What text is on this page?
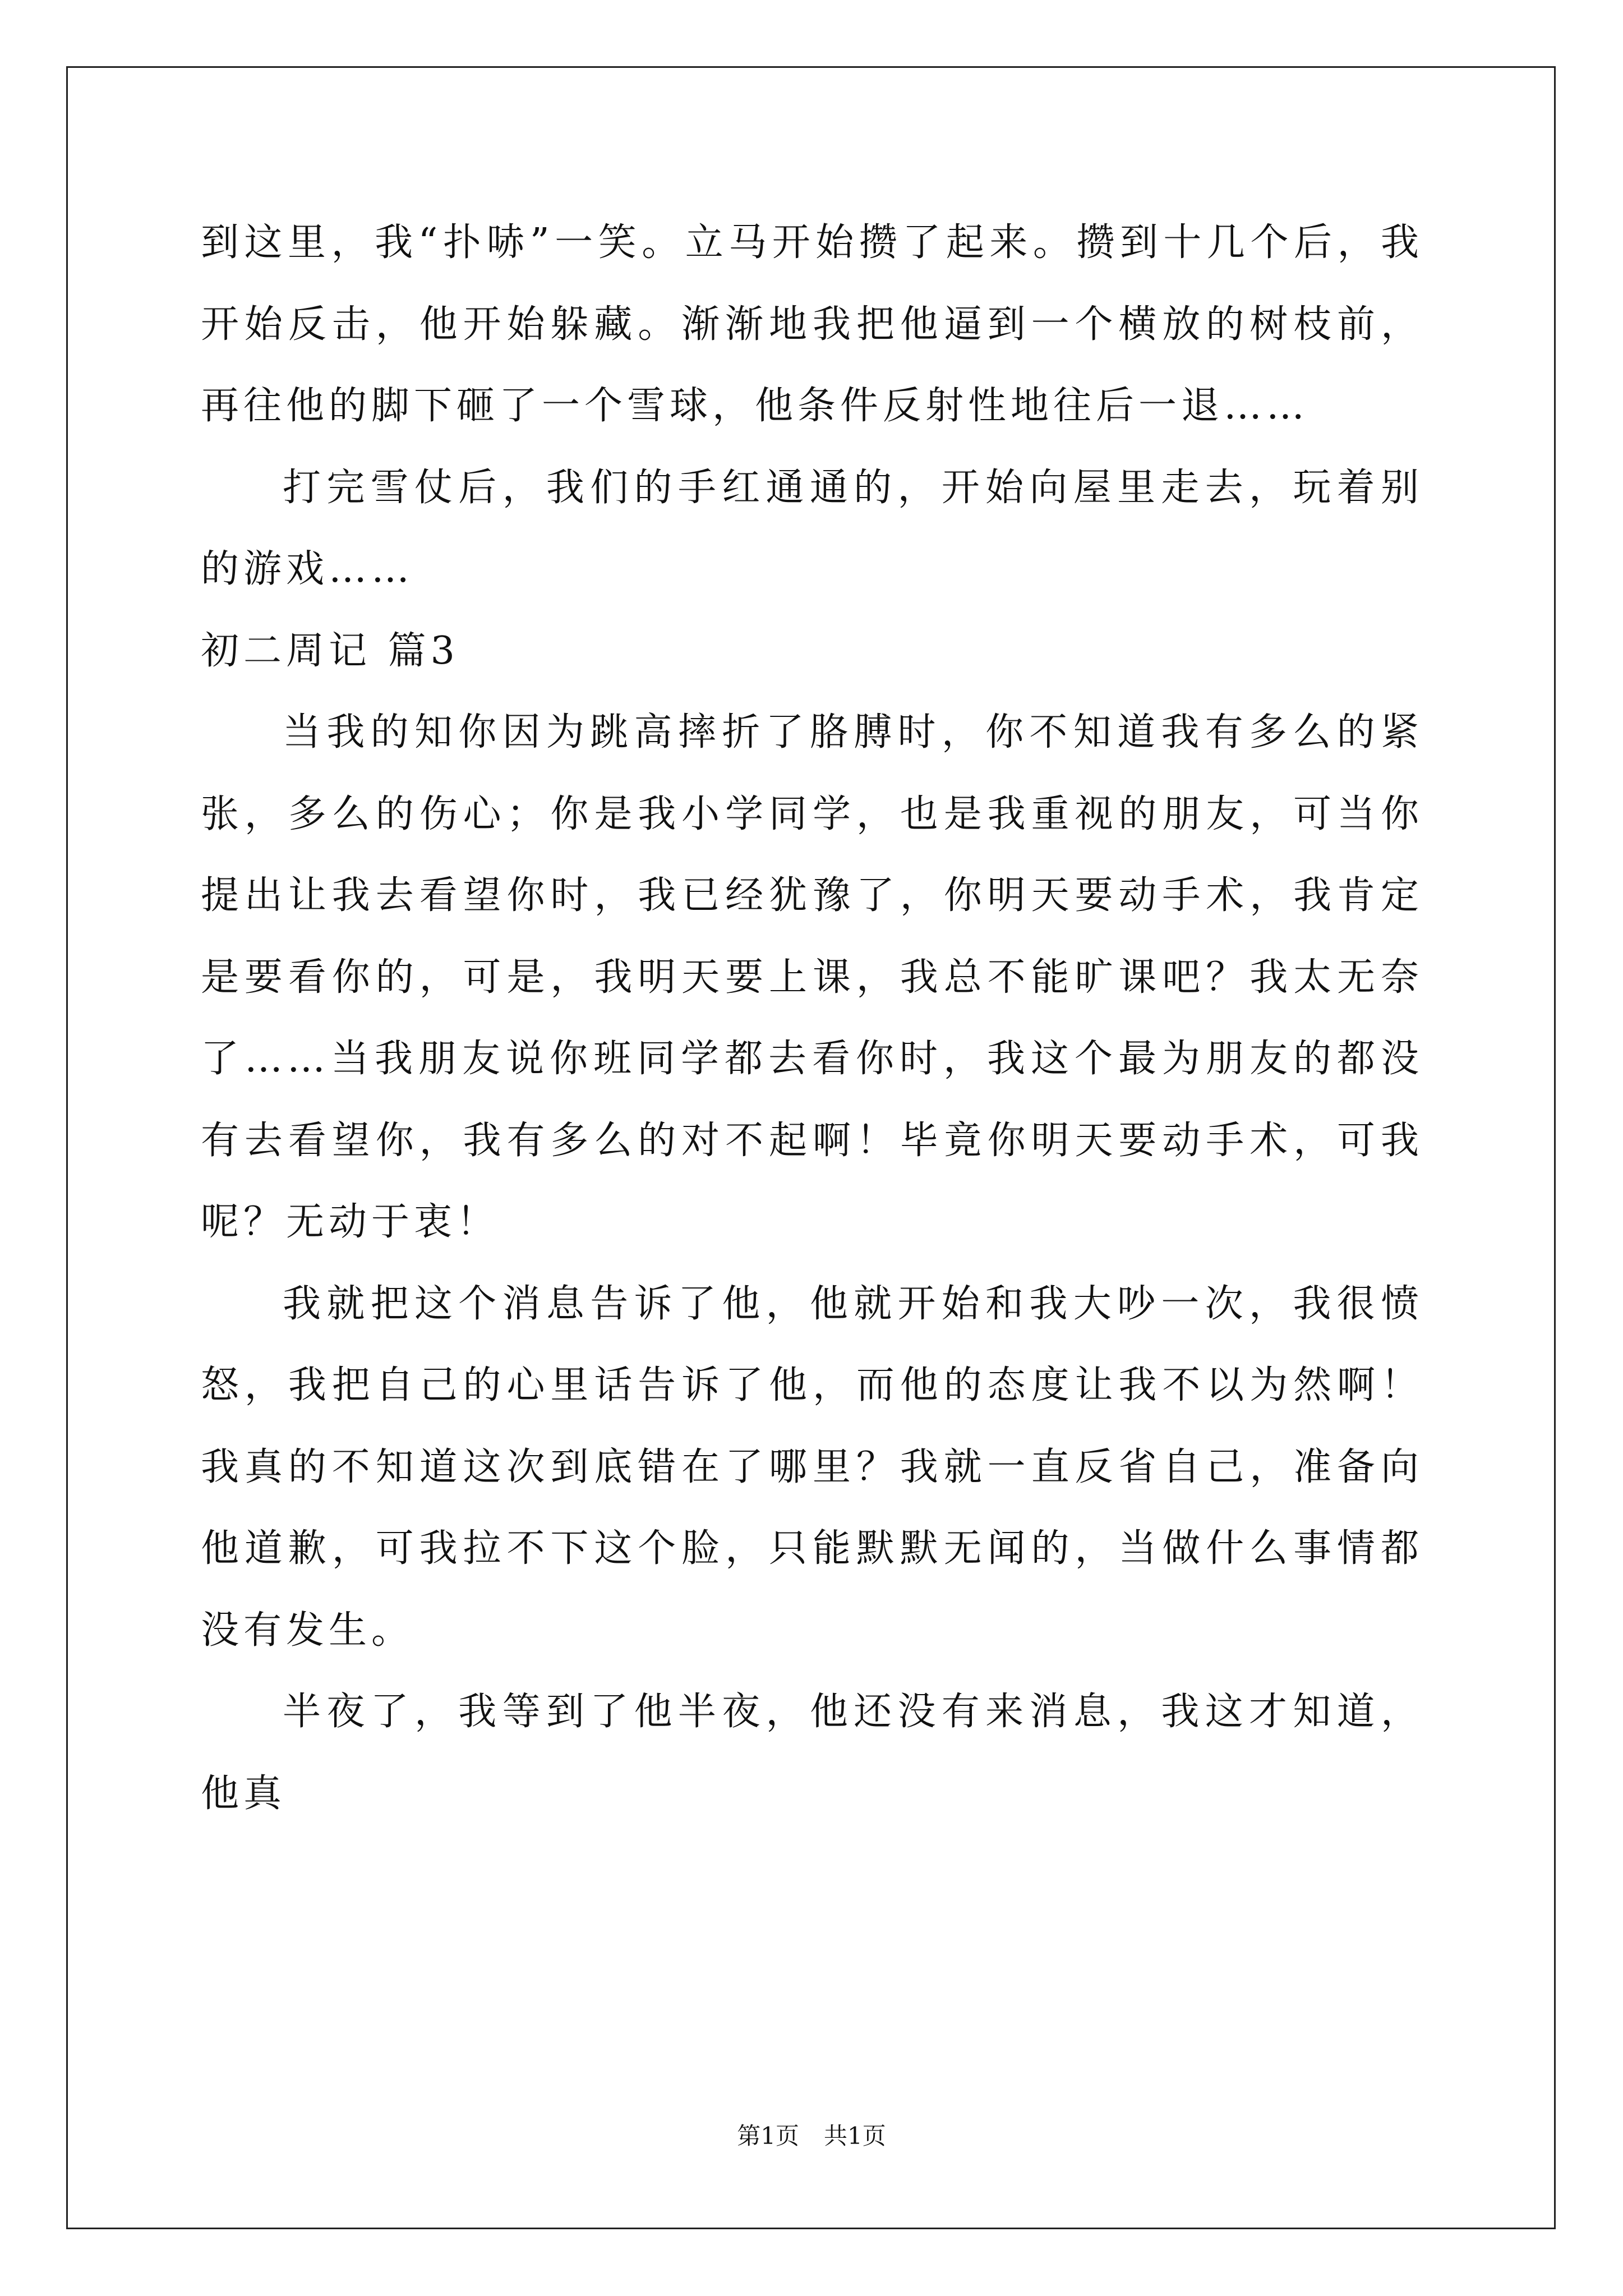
到这里，我“扑哧”一笑。立马开始攒了起来。攒到十几个后，我开始反击，他开始躲藏。渐渐地我把他逼到一个横放的树枝前，再往他的脚下砸了一个雪球，他条件反射性地往后一退……

打完雪仗后，我们的手红通通的，开始向屋里走去，玩着别的游戏……

初二周记 篇3

当我的知你因为跳高摔折了胳膊时，你不知道我有多么的紧张，多么的伤心；你是我小学同学，也是我重视的朋友，可当你提出让我去看望你时，我已经犹豫了，你明天要动手术，我肯定是要看你的，可是，我明天要上课，我总不能旷课吧？我太无奈了……当我朋友说你班同学都去看你时，我这个最为朋友的都没有去看望你，我有多么的对不起啊！毕竟你明天要动手术，可我呢？无动于衷！

我就把这个消息告诉了他，他就开始和我大吵一次，我很愤怒，我把自己的心里话告诉了他，而他的态度让我不以为然啊！我真的不知道这次到底错在了哪里？我就一直反省自己，准备向他道歉，可我拉不下这个脸，只能默默无闻的，当做什么事情都没有发生。

半夜了，我等到了他半夜，他还没有来消息，我这才知道，他真

第1页 共1页
